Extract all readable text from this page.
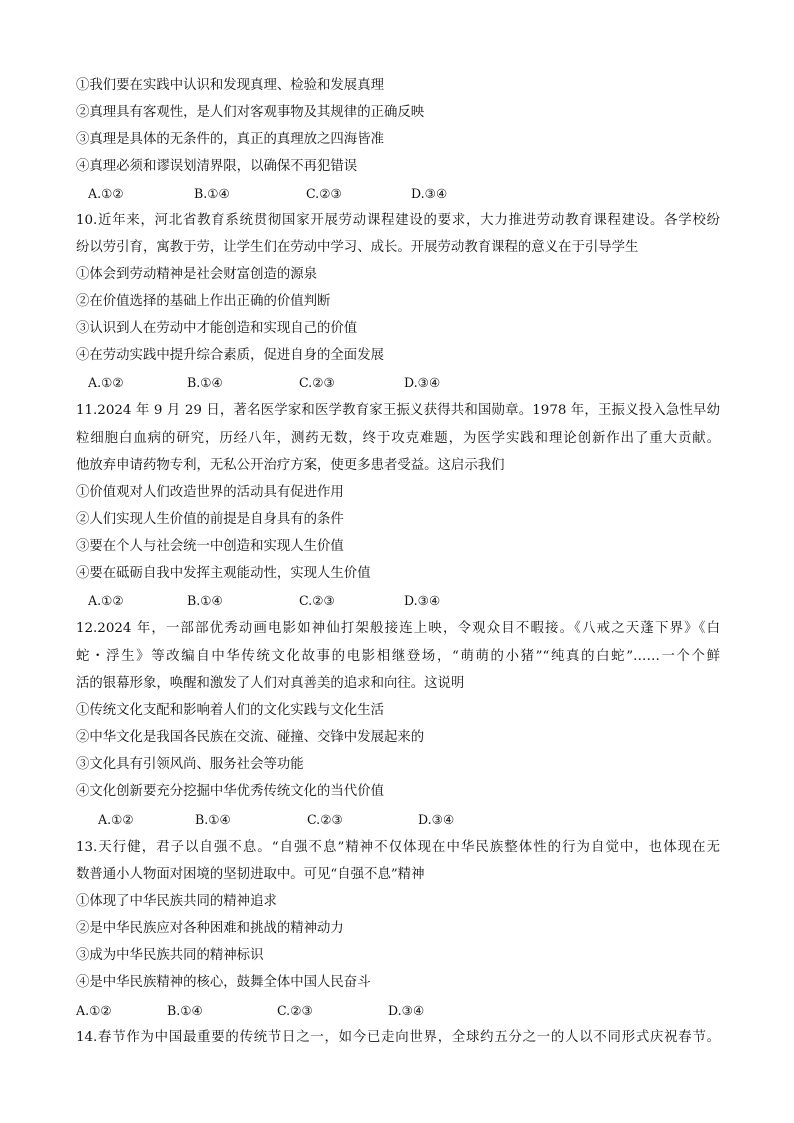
①我们要在实践中认识和发现真理、检验和发展真理
②真理具有客观性，是人们对客观事物及其规律的正确反映
③真理是具体的无条件的，真正的真理放之四海皆准
④真理必须和谬误划清界限，以确保不再犯错误
A.①②	B.①④	C.②③	D.③④
10.近年来，河北省教育系统贯彻国家开展劳动课程建设的要求，大力推进劳动教育课程建设。各学校纷
纷以劳引育，寓教于劳，让学生们在劳动中学习、成长。开展劳动教育课程的意义在于引导学生
①体会到劳动精神是社会财富创造的源泉
②在价值选择的基础上作出正确的价值判断
③认识到人在劳动中才能创造和实现自己的价值
④在劳动实践中提升综合素质，促进自身的全面发展
A.①②	B.①④	C.②③	D.③④
11.2024 年 9 月 29 日，著名医学家和医学教育家王振义获得共和国勋章。1978 年，王振义投入急性早幼
粒细胞白血病的研究，历经八年，测药无数，终于攻克难题，为医学实践和理论创新作出了重大贡献。
他放弃申请药物专利，无私公开治疗方案，使更多患者受益。这启示我们
①价值观对人们改造世界的活动具有促进作用
②人们实现人生价值的前提是自身具有的条件
③要在个人与社会统一中创造和实现人生价值
④要在砥砺自我中发挥主观能动性，实现人生价值
A.①②	B.①④	C.②③	D.③④
12.2024 年，一部部优秀动画电影如神仙打架般接连上映，令观众目不暇接。《八戒之天蓬下界》《白
蛇・浮生》等改编自中华传统文化故事的电影相继登场，“萌萌的小猪”“纯真的白蛇”……一个个鲜
活的银幕形象，唤醒和激发了人们对真善美的追求和向往。这说明
①传统文化支配和影响着人们的文化实践与文化生活
②中华文化是我国各民族在交流、碰撞、交锋中发展起来的
③文化具有引领风尚、服务社会等功能
④文化创新要充分挖掘中华优秀传统文化的当代价值
A.①②	B.①④	C.②③	D.③④
13.天行健，君子以自强不息。“自强不息”精神不仅体现在中华民族整体性的行为自觉中，也体现在无
数普通小人物面对困境的坚韧进取中。可见“自强不息”精神
①体现了中华民族共同的精神追求
②是中华民族应对各种困难和挑战的精神动力
③成为中华民族共同的精神标识
④是中华民族精神的核心，鼓舞全体中国人民奋斗
A.①②	B.①④	C.②③	D.③④
14.春节作为中国最重要的传统节日之一，如今已走向世界，全球约五分之一的人以不同形式庆祝春节。
